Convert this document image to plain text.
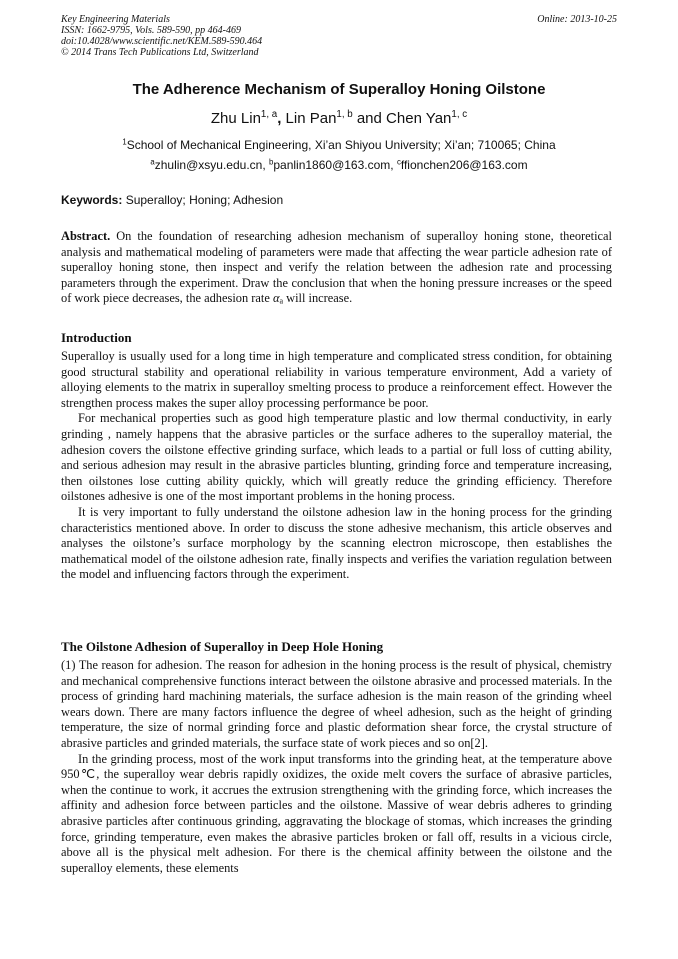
Key Engineering Materials
ISSN: 1662-9795, Vols. 589-590, pp 464-469
doi:10.4028/www.scientific.net/KEM.589-590.464
© 2014 Trans Tech Publications Ltd, Switzerland
Online: 2013-10-25
The Adherence Mechanism of Superalloy Honing Oilstone
Zhu Lin$^{1, a}$, Lin Pan$^{1, b}$ and Chen Yan$^{1, c}$
$^1$School of Mechanical Engineering, Xi’an Shiyou University; Xi’an; 710065; China
$^a$zhulin@xsyu.edu.cn, $^b$panlin1860@163.com, $^c$ffionchen206@163.com
Keywords: Superalloy; Honing; Adhesion

Abstract. On the foundation of researching adhesion mechanism of superalloy honing stone, theoretical analysis and mathematical modeling of parameters were made that affecting the wear particle adhesion rate of superalloy honing stone, then inspect and verify the relation between the adhesion rate and processing parameters through the experiment. Draw the conclusion that when the honing pressure increases or the speed of work piece decreases, the adhesion rate $\alpha_a$ will increase.

Introduction

Superalloy is usually used for a long time in high temperature and complicated stress condition, for obtaining good structural stability and operational reliability in various temperature environment, Add a variety of alloying elements to the matrix in superalloy smelting process to produce a reinforcement effect. However the strengthen process makes the super alloy processing performance be poor.

For mechanical properties such as good high temperature plastic and low thermal conductivity, in early grinding , namely happens that the abrasive particles or the surface adheres to the superalloy material, the adhesion covers the oilstone effective grinding surface, which leads to a partial or full loss of cutting ability, and serious adhesion may result in the abrasive particles blunting, grinding force and temperature increasing, then oilstones lose cutting ability quickly, which will greatly reduce the grinding efficiency. Therefore oilstones adhesive is one of the most important problems in the honing process.

It is very important to fully understand the oilstone adhesion law in the honing process for the grinding characteristics mentioned above. In order to discuss the stone adhesive mechanism, this article observes and analyses the oilstone’s surface morphology by the scanning electron microscope, then establishes the mathematical model of the oilstone adhesion rate, finally inspects and verifies the variation regulation between the model and influencing factors through the experiment.

The Oilstone Adhesion of Superalloy in Deep Hole Honing

(1) The reason for adhesion. The reason for adhesion in the honing process is the result of physical, chemistry and mechanical comprehensive functions interact between the oilstone abrasive and processed materials. In the process of grinding hard machining materials, the surface adhesion is the main reason of the grinding wheel wears down. There are many factors influence the degree of wheel adhesion, such as the height of grinding temperature, the size of normal grinding force and plastic deformation shear force, the crystal structure of abrasive particles and grinded materials, the surface state of work pieces and so on[2].

In the grinding process, most of the work input transforms into the grinding heat, at the temperature above 950℃, the superalloy wear debris rapidly oxidizes, the oxide melt covers the surface of abrasive particles, when the continue to work, it accrues the extrusion strengthening with the grinding force, which increases the affinity and adhesion force between particles and the oilstone. Massive of wear debris adheres to grinding abrasive particles after continuous grinding, aggravating the blockage of stomas, which increases the grinding force, grinding temperature, even makes the abrasive particles broken or fall off, results in a vicious circle, above all is the physical melt adhesion. For there is the chemical affinity between the oilstone and the superalloy elements, these elements
